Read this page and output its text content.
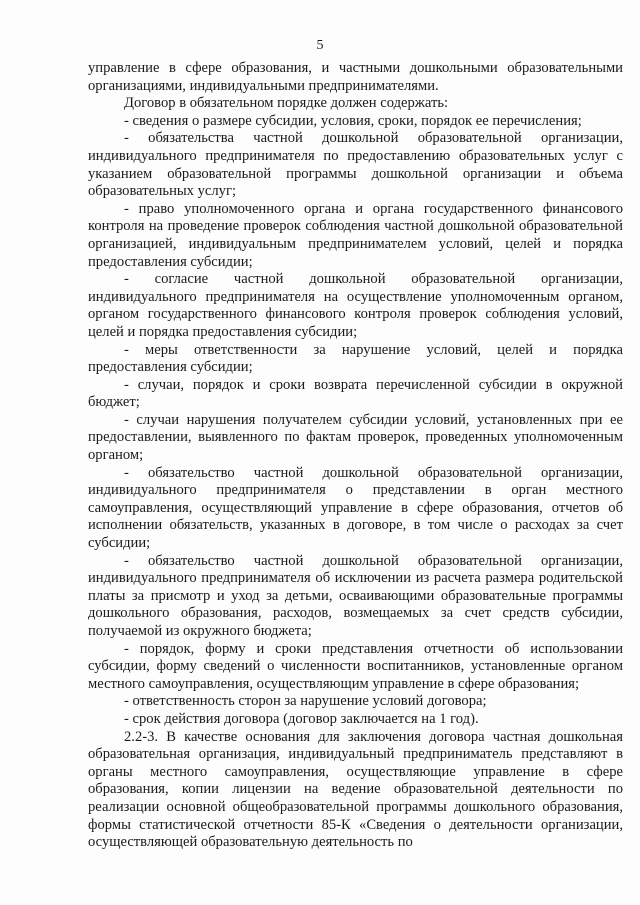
5

управление в сфере образования, и частными дошкольными образовательными организациями, индивидуальными предпринимателями.

Договор в обязательном порядке должен содержать:

- сведения о размере субсидии, условия, сроки, порядок ее перечисления;

- обязательства частной дошкольной образовательной организации, индивидуального предпринимателя по предоставлению образовательных услуг с указанием образовательной программы дошкольной организации и объема образовательных услуг;

- право уполномоченного органа и органа государственного финансового контроля на проведение проверок соблюдения частной дошкольной образовательной организацией, индивидуальным предпринимателем условий, целей и порядка предоставления субсидии;

- согласие частной дошкольной образовательной организации, индивидуального предпринимателя на осуществление уполномоченным органом, органом государственного финансового контроля проверок соблюдения условий, целей и порядка предоставления субсидии;

- меры ответственности за нарушение условий, целей и порядка предоставления субсидии;

- случаи, порядок и сроки возврата перечисленной субсидии в окружной бюджет;

- случаи нарушения получателем субсидии условий, установленных при ее предоставлении, выявленного по фактам проверок, проведенных уполномоченным органом;

- обязательство частной дошкольной образовательной организации, индивидуального предпринимателя о представлении в орган местного самоуправления, осуществляющий управление в сфере образования, отчетов об исполнении обязательств, указанных в договоре, в том числе о расходах за счет субсидии;

- обязательство частной дошкольной образовательной организации, индивидуального предпринимателя об исключении из расчета размера родительской платы за присмотр и уход за детьми, осваивающими образовательные программы дошкольного образования, расходов, возмещаемых за счет средств субсидии, получаемой из окружного бюджета;

- порядок, форму и сроки представления отчетности об использовании субсидии, форму сведений о численности воспитанников, установленные органом местного самоуправления, осуществляющим управление в сфере образования;

- ответственность сторон за нарушение условий договора;

- срок действия договора (договор заключается на 1 год).

2.2-3. В качестве основания для заключения договора частная дошкольная образовательная организация, индивидуальный предприниматель представляют в органы местного самоуправления, осуществляющие управление в сфере образования, копии лицензии на ведение образовательной деятельности по реализации основной общеобразовательной программы дошкольного образования, формы статистической отчетности 85-К «Сведения о деятельности организации, осуществляющей образовательную деятельность по
